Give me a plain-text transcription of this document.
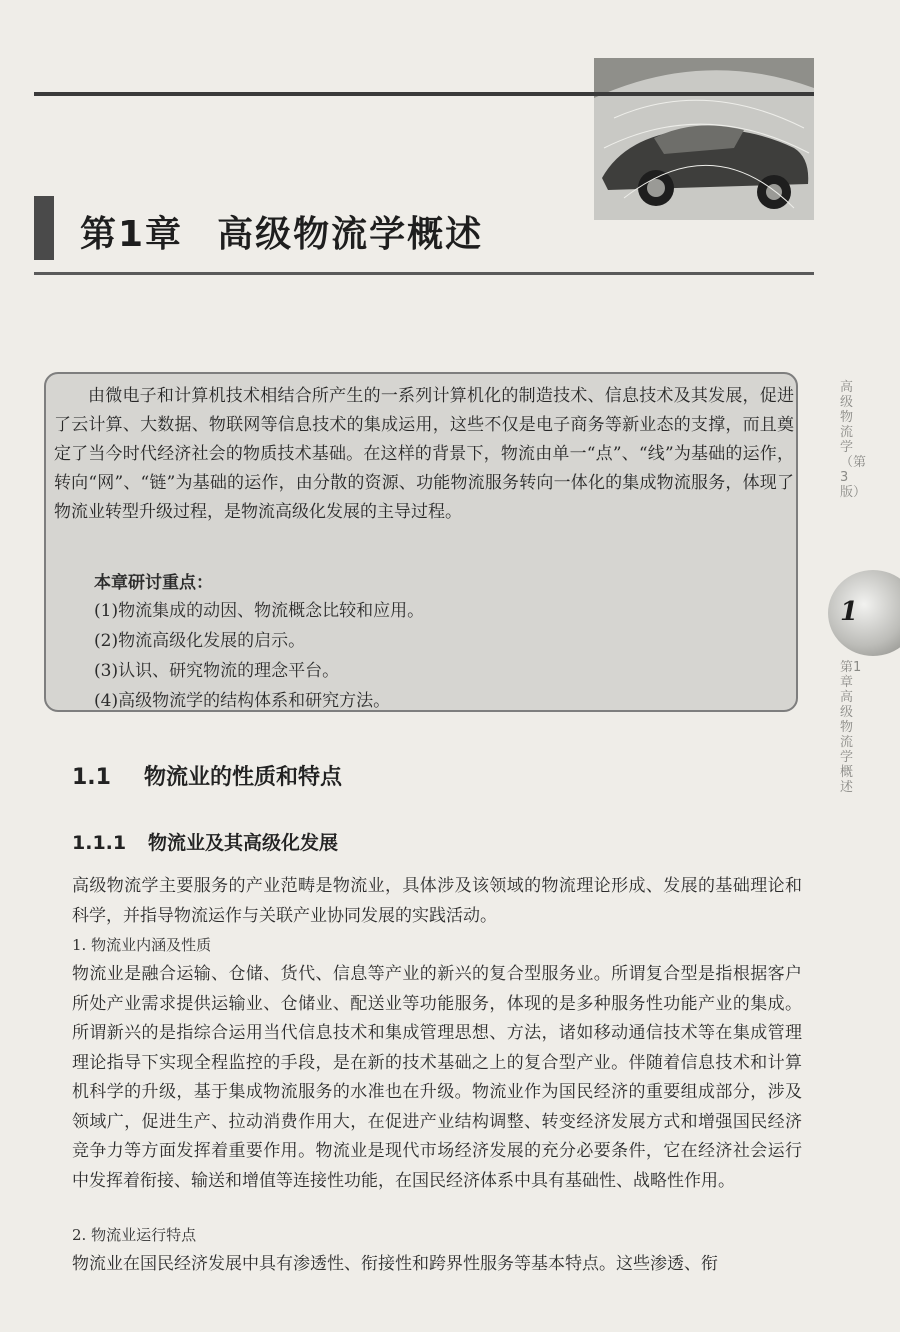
第1章 高级物流学概述
由微电子和计算机技术相结合所产生的一系列计算机化的制造技术、信息技术及其发展，促进了云计算、大数据、物联网等信息技术的集成运用，这些不仅是电子商务等新业态的支撑，而且奠定了当今时代经济社会的物质技术基础。在这样的背景下，物流由单一“点”、“线”为基础的运作，转向“网”、“链”为基础的运作，由分散的资源、功能物流服务转向一体化的集成物流服务，体现了物流业转型升级过程，是物流高级化发展的主导过程。
本章研讨重点：
(1)物流集成的动因、物流概念比较和应用。
(2)物流高级化发展的启示。
(3)认识、研究物流的理念平台。
(4)高级物流学的结构体系和研究方法。
1.1 物流业的性质和特点
1.1.1 物流业及其高级化发展
高级物流学主要服务的产业范畴是物流业，具体涉及该领域的物流理论形成、发展的基础理论和科学，并指导物流运作与关联产业协同发展的实践活动。
1. 物流业内涵及性质
物流业是融合运输、仓储、货代、信息等产业的新兴的复合型服务业。所谓复合型是指根据客户所处产业需求提供运输业、仓储业、配送业等功能服务，体现的是多种服务性功能产业的集成。所谓新兴的是指综合运用当代信息技术和集成管理思想、方法，诸如移动通信技术等在集成管理理论指导下实现全程监控的手段，是在新的技术基础之上的复合型产业。伴随着信息技术和计算机科学的升级，基于集成物流服务的水准也在升级。物流业作为国民经济的重要组成部分，涉及领域广，促进生产、拉动消费作用大，在促进产业结构调整、转变经济发展方式和增强国民经济竞争力等方面发挥着重要作用。物流业是现代市场经济发展的充分必要条件，它在经济社会运行中发挥着衔接、输送和增值等连接性功能，在国民经济体系中具有基础性、战略性作用。
2. 物流业运行特点
物流业在国民经济发展中具有渗透性、衔接性和跨界性服务等基本特点。这些渗透、衔
1
高级物流学（第3版）
第1章 高级物流学概述
